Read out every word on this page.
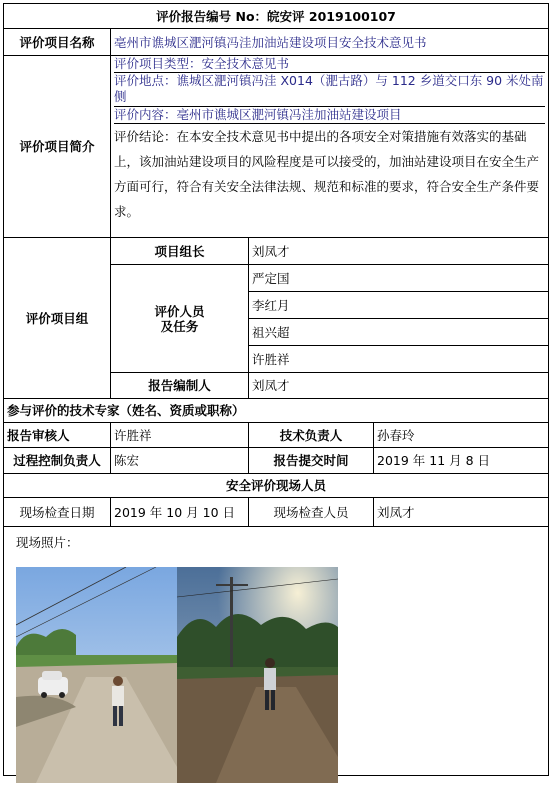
评价报告编号 No：皖安评 2019100107			
评价项目名称	亳州市谯城区淝河镇冯洼加油站建设项目安全技术意见书		
评价项目简介	评价项目类型：安全技术意见书
评价地点：谯城区淝河镇冯洼 X014（淝古路）与 112 乡道交口东 90 米处南侧
评价内容：亳州市谯城区淝河镇冯洼加油站建设项目
评价结论：在本安全技术意见书中提出的各项安全对策措施有效落实的基础上，该加油站建设项目的风险程度是可以接受的，加油站建设项目在安全生产方面可行，符合有关安全法律法规、规范和标准的要求，符合安全生产条件要求。		

评价项目组	项目组长	刘凤才	

	评价人员
及任务	严定国	
		李红月	
		祖兴超	
		许胜祥	
	报告编制人	刘凤才	
参与评价的技术专家（姓名、资质或职称）			
报告审核人	许胜祥	技术负责人	孙春玲
过程控制负责人	陈宏	报告提交时间	2019 年 11 月 8 日
安全评价现场人员			
现场检查日期	2019 年 10 月 10 日	现场检查人员	刘凤才

现场照片：			
